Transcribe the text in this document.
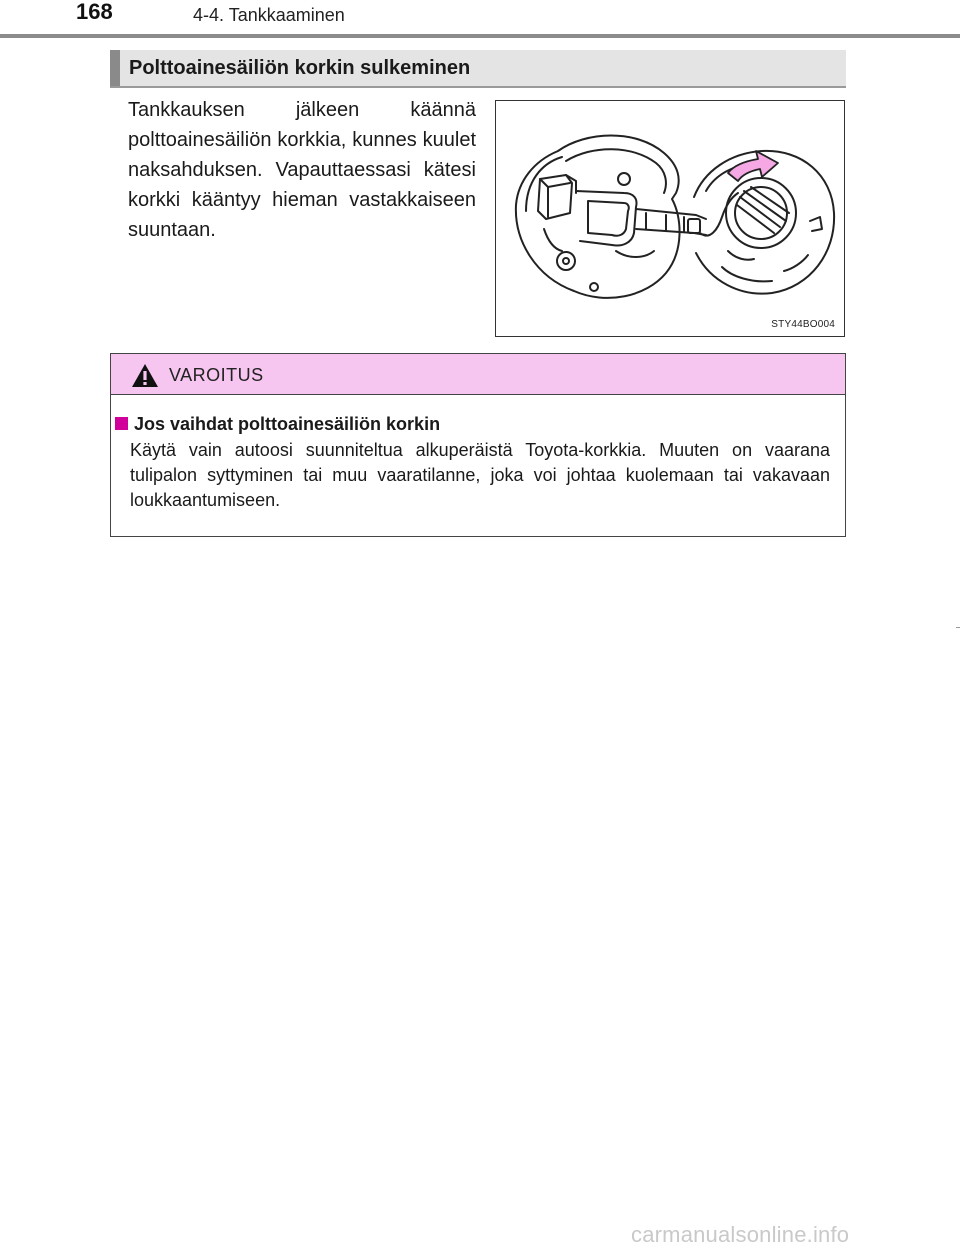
168	4-4. Tankkaaminen
Polttoainesäiliön korkin sulkeminen
Tankkauksen jälkeen käännä polttoainesäiliön korkkia, kunnes kuulet naksahduksen. Vapauttaessasi kätesi korkki kääntyy hieman vastakkaiseen suuntaan.
STY44BO004
VAROITUS
Jos vaihdat polttoainesäiliön korkin
Käytä vain autoosi suunniteltua alkuperäistä Toyota-korkkia. Muuten on vaarana tulipalon syttyminen tai muu vaaratilanne, joka voi johtaa kuolemaan tai vakavaan loukkaantumiseen.
carmanualsonline.info
